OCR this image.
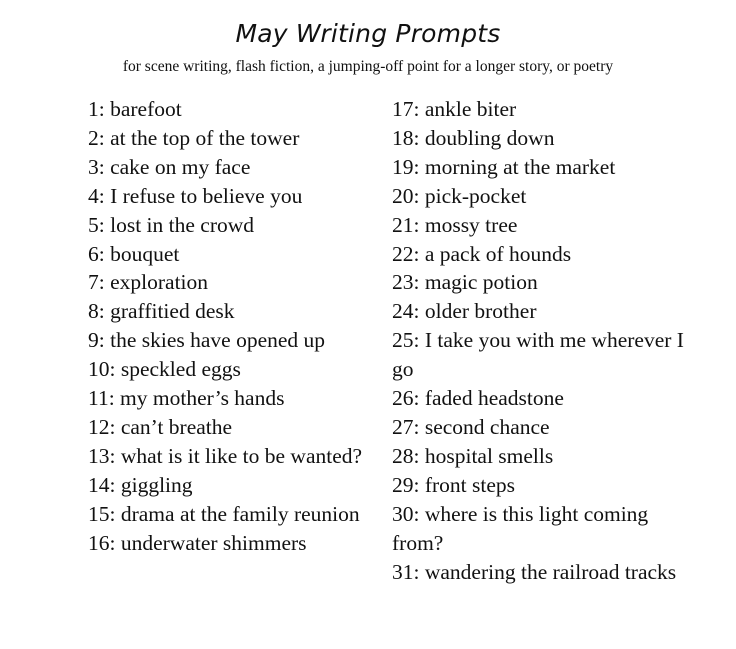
May Writing Prompts
for scene writing, flash fiction, a jumping-off point for a longer story, or poetry
1: barefoot
2: at the top of the tower
3: cake on my face
4: I refuse to believe you
5: lost in the crowd
6: bouquet
7: exploration
8: graffitied desk
9: the skies have opened up
10: speckled eggs
11: my mother’s hands
12: can’t breathe
13: what is it like to be wanted?
14: giggling
15: drama at the family reunion
16: underwater shimmers
17: ankle biter
18: doubling down
19: morning at the market
20: pick-pocket
21: mossy tree
22: a pack of hounds
23: magic potion
24: older brother
25: I take you with me wherever I go
26: faded headstone
27: second chance
28: hospital smells
29: front steps
30: where is this light coming from?
31: wandering the railroad tracks
